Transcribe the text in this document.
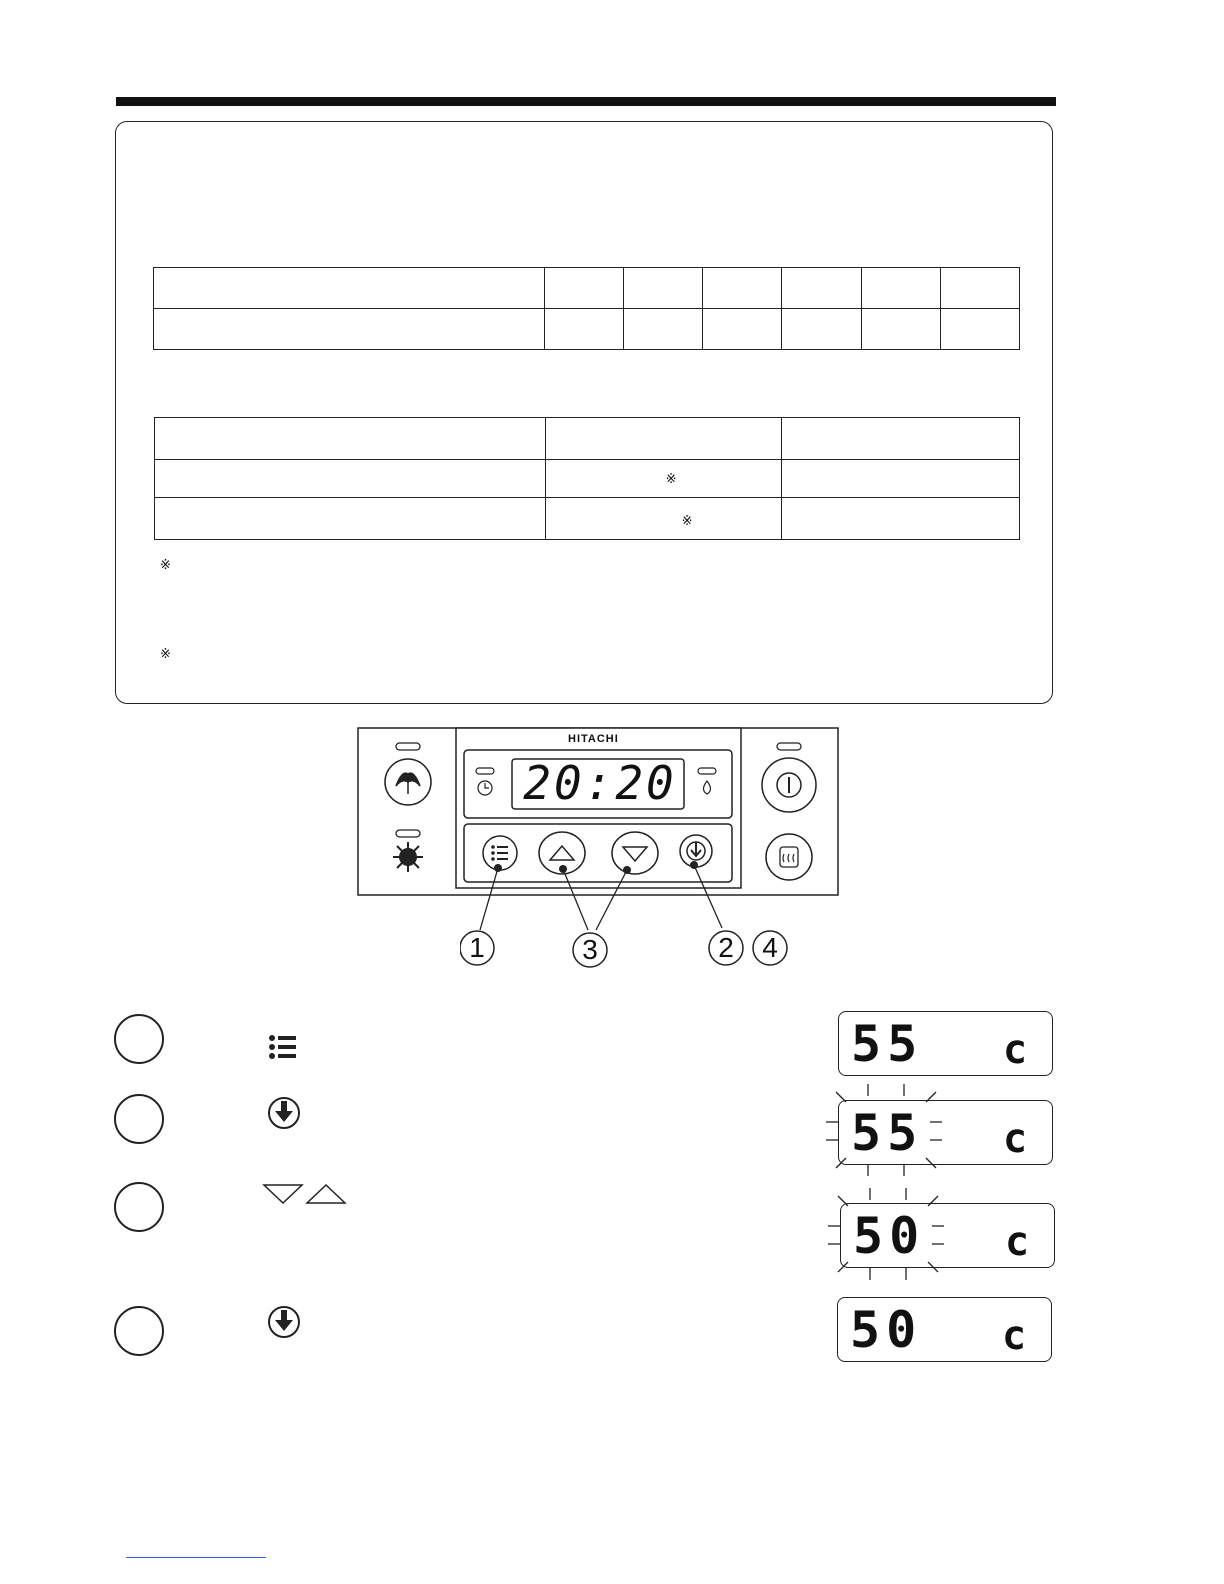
	※	

	※	

※
※
HITACHI
20:20
1	3	2 4
55 c
55 c
50 c
50 c
